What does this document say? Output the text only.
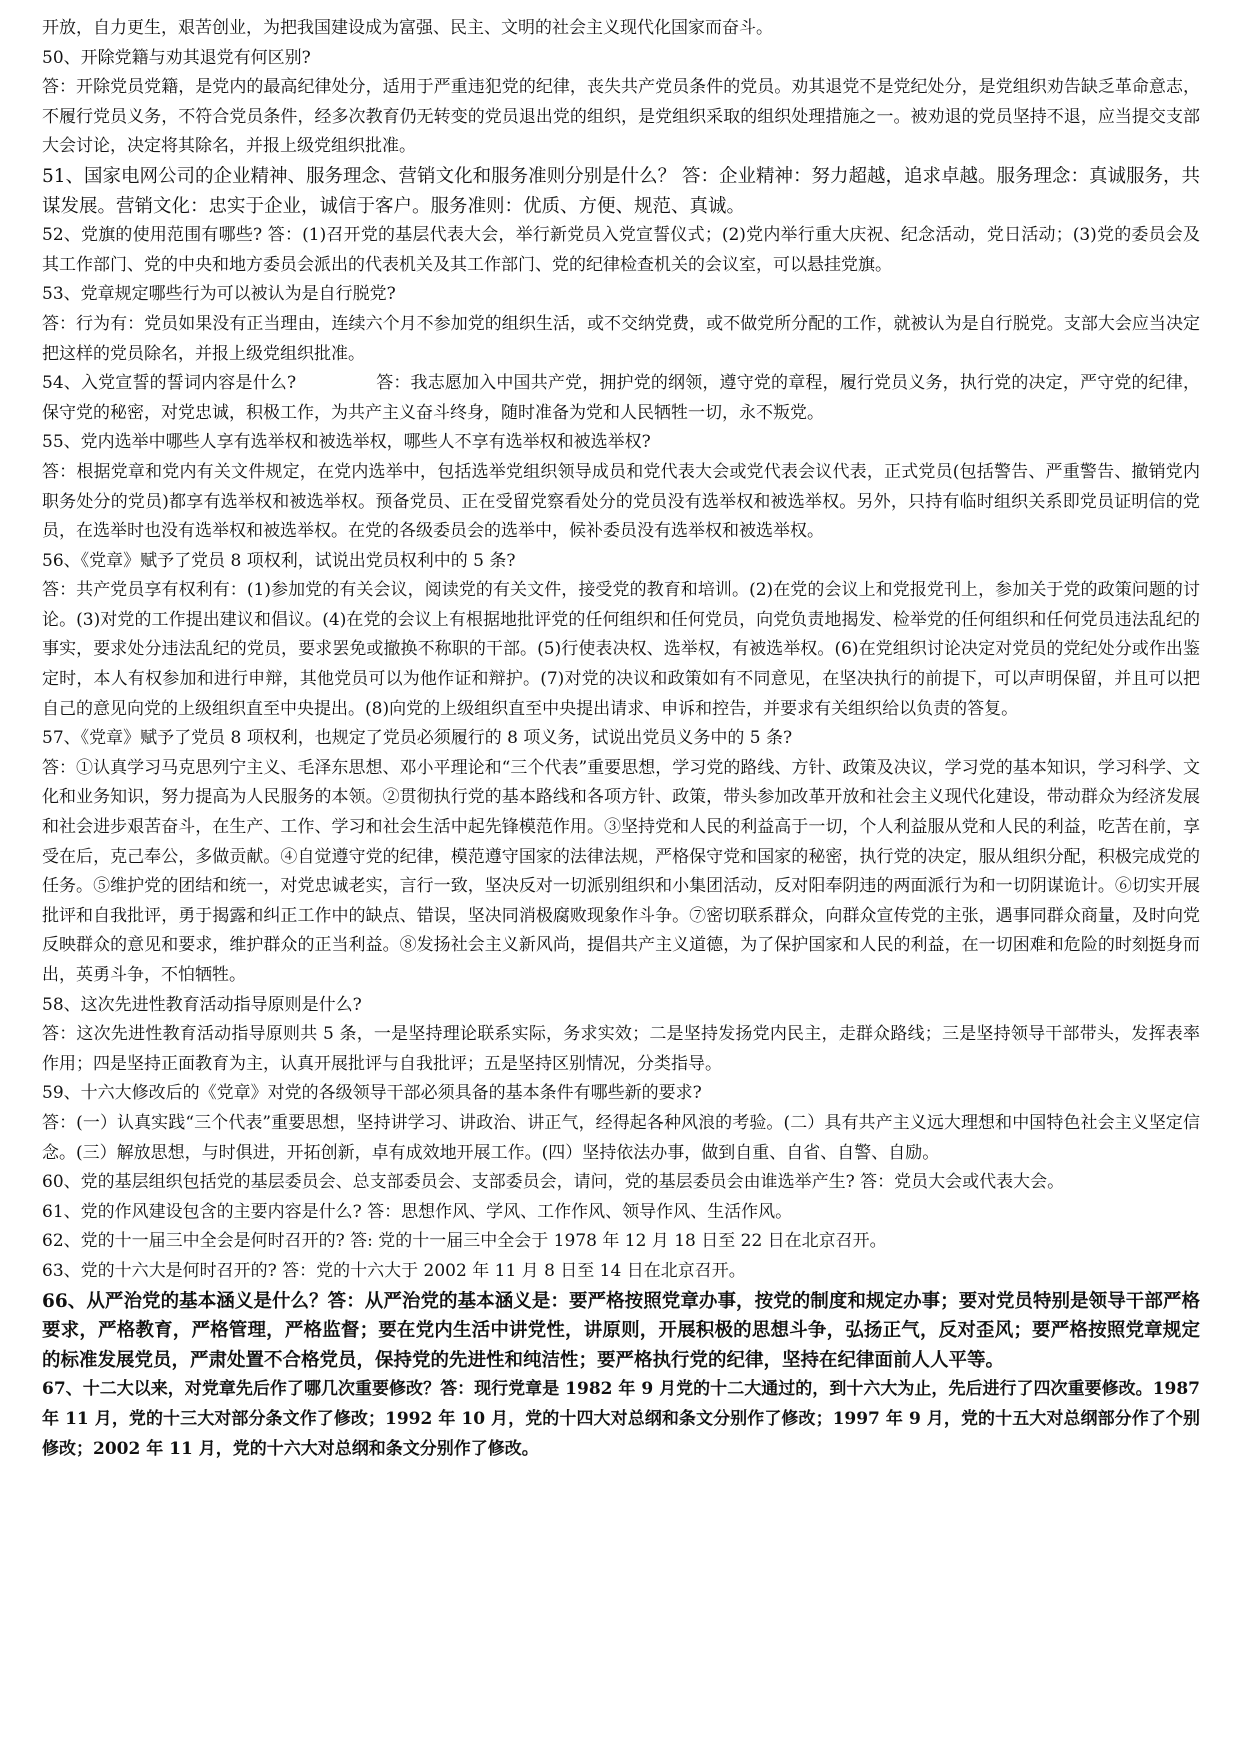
开放，自力更生，艰苦创业，为把我国建设成为富强、民主、文明的社会主义现代化国家而奋斗。

50、开除党籍与劝其退党有何区别?

答：开除党员党籍，是党内的最高纪律处分，适用于严重违犯党的纪律，丧失共产党员条件的党员。劝其退党不是党纪处分，是党组织劝告缺乏革命意志，不履行党员义务，不符合党员条件，经多次教育仍无转变的党员退出党的组织，是党组织采取的组织处理措施之一。被劝退的党员坚持不退，应当提交支部大会讨论，决定将其除名，并报上级党组织批准。

51、国家电网公司的企业精神、服务理念、营销文化和服务准则分别是什么？ 答：企业精神：努力超越，追求卓越。服务理念：真诚服务，共谋发展。营销文化：忠实于企业，诚信于客户。服务准则：优质、方便、规范、真诚。

52、党旗的使用范围有哪些? 答：(1)召开党的基层代表大会，举行新党员入党宣誓仪式；(2)党内举行重大庆祝、纪念活动，党日活动；(3)党的委员会及其工作部门、党的中央和地方委员会派出的代表机关及其工作部门、党的纪律检查机关的会议室，可以悬挂党旗。

53、党章规定哪些行为可以被认为是自行脱党?

答：行为有：党员如果没有正当理由，连续六个月不参加党的组织生活，或不交纳党费，或不做党所分配的工作，就被认为是自行脱党。支部大会应当决定把这样的党员除名，并报上级党组织批准。

54、入党宣誓的誓词内容是什么?	答：我志愿加入中国共产党，拥护党的纲领，遵守党的章程，履行党员义务，执行党的决定，严守党的纪律，保守党的秘密，对党忠诚，积极工作，为共产主义奋斗终身，随时准备为党和人民牺牲一切，永不叛党。

55、党内选举中哪些人享有选举权和被选举权，哪些人不享有选举权和被选举权?

答：根据党章和党内有关文件规定，在党内选举中，包括选举党组织领导成员和党代表大会或党代表会议代表，正式党员(包括警告、严重警告、撤销党内职务处分的党员)都享有选举权和被选举权。预备党员、正在受留党察看处分的党员没有选举权和被选举权。另外，只持有临时组织关系即党员证明信的党员，在选举时也没有选举权和被选举权。在党的各级委员会的选举中，候补委员没有选举权和被选举权。

56、《党章》赋予了党员 8 项权利，试说出党员权利中的 5 条?

答：共产党员享有权利有：(1)参加党的有关会议，阅读党的有关文件，接受党的教育和培训。(2)在党的会议上和党报党刊上，参加关于党的政策问题的讨论。(3)对党的工作提出建议和倡议。(4)在党的会议上有根据地批评党的任何组织和任何党员，向党负责地揭发、检举党的任何组织和任何党员违法乱纪的事实，要求处分违法乱纪的党员，要求罢免或撤换不称职的干部。(5)行使表决权、选举权，有被选举权。(6)在党组织讨论决定对党员的党纪处分或作出鉴定时，本人有权参加和进行申辩，其他党员可以为他作证和辩护。(7)对党的决议和政策如有不同意见，在坚决执行的前提下，可以声明保留，并且可以把自己的意见向党的上级组织直至中央提出。(8)向党的上级组织直至中央提出请求、申诉和控告，并要求有关组织给以负责的答复。

57、《党章》赋予了党员 8 项权利，也规定了党员必须履行的 8 项义务，试说出党员义务中的 5 条?

答：①认真学习马克思列宁主义、毛泽东思想、邓小平理论和“三个代表”重要思想，学习党的路线、方针、政策及决议，学习党的基本知识，学习科学、文化和业务知识，努力提高为人民服务的本领。②贯彻执行党的基本路线和各项方针、政策，带头参加改革开放和社会主义现代化建设，带动群众为经济发展和社会进步艰苦奋斗，在生产、工作、学习和社会生活中起先锋模范作用。③坚持党和人民的利益高于一切，个人利益服从党和人民的利益，吃苦在前，享受在后，克己奉公，多做贡献。④自觉遵守党的纪律，模范遵守国家的法律法规，严格保守党和国家的秘密，执行党的决定，服从组织分配，积极完成党的任务。⑤维护党的团结和统一，对党忠诚老实，言行一致，坚决反对一切派别组织和小集团活动，反对阳奉阴违的两面派行为和一切阴谋诡计。⑥切实开展批评和自我批评，勇于揭露和纠正工作中的缺点、错误，坚决同消极腐败现象作斗争。⑦密切联系群众，向群众宣传党的主张，遇事同群众商量，及时向党反映群众的意见和要求，维护群众的正当利益。⑧发扬社会主义新风尚，提倡共产主义道德，为了保护国家和人民的利益，在一切困难和危险的时刻挺身而出，英勇斗争，不怕牺牲。

58、这次先进性教育活动指导原则是什么?

答：这次先进性教育活动指导原则共 5 条，一是坚持理论联系实际，务求实效；二是坚持发扬党内民主，走群众路线；三是坚持领导干部带头，发挥表率作用；四是坚持正面教育为主，认真开展批评与自我批评；五是坚持区别情况，分类指导。

59、十六大修改后的《党章》对党的各级领导干部必须具备的基本条件有哪些新的要求?

答：(一）认真实践“三个代表”重要思想，坚持讲学习、讲政治、讲正气，经得起各种风浪的考验。(二）具有共产主义远大理想和中国特色社会主义坚定信念。(三）解放思想，与时俱进，开拓创新，卓有成效地开展工作。(四）坚持依法办事，做到自重、自省、自警、自励。

60、党的基层组织包括党的基层委员会、总支部委员会、支部委员会，请问，党的基层委员会由谁选举产生? 答：党员大会或代表大会。

61、党的作风建设包含的主要内容是什么? 答：思想作风、学风、工作作风、领导作风、生活作风。

62、党的十一届三中全会是何时召开的? 答: 党的十一届三中全会于 1978 年 12 月 18 日至 22 日在北京召开。

63、党的十六大是何时召开的? 答：党的十六大于 2002 年 11 月 8 日至 14 日在北京召开。

66、从严治党的基本涵义是什么？答：从严治党的基本涵义是：要严格按照党章办事，按党的制度和规定办事；要对党员特别是领导干部严格要求，严格教育，严格管理，严格监督；要在党内生活中讲党性，讲原则，开展积极的思想斗争，弘扬正气，反对歪风；要严格按照党章规定的标准发展党员，严肃处置不合格党员，保持党的先进性和纯洁性；要严格执行党的纪律，坚持在纪律面前人人平等。

67、十二大以来，对党章先后作了哪几次重要修改？答：现行党章是 1982 年 9 月党的十二大通过的，到十六大为止，先后进行了四次重要修改。1987 年 11 月，党的十三大对部分条文作了修改；1992 年 10 月，党的十四大对总纲和条文分别作了修改；1997 年 9 月，党的十五大对总纲部分作了个别修改；2002 年 11 月，党的十六大对总纲和条文分别作了修改。
